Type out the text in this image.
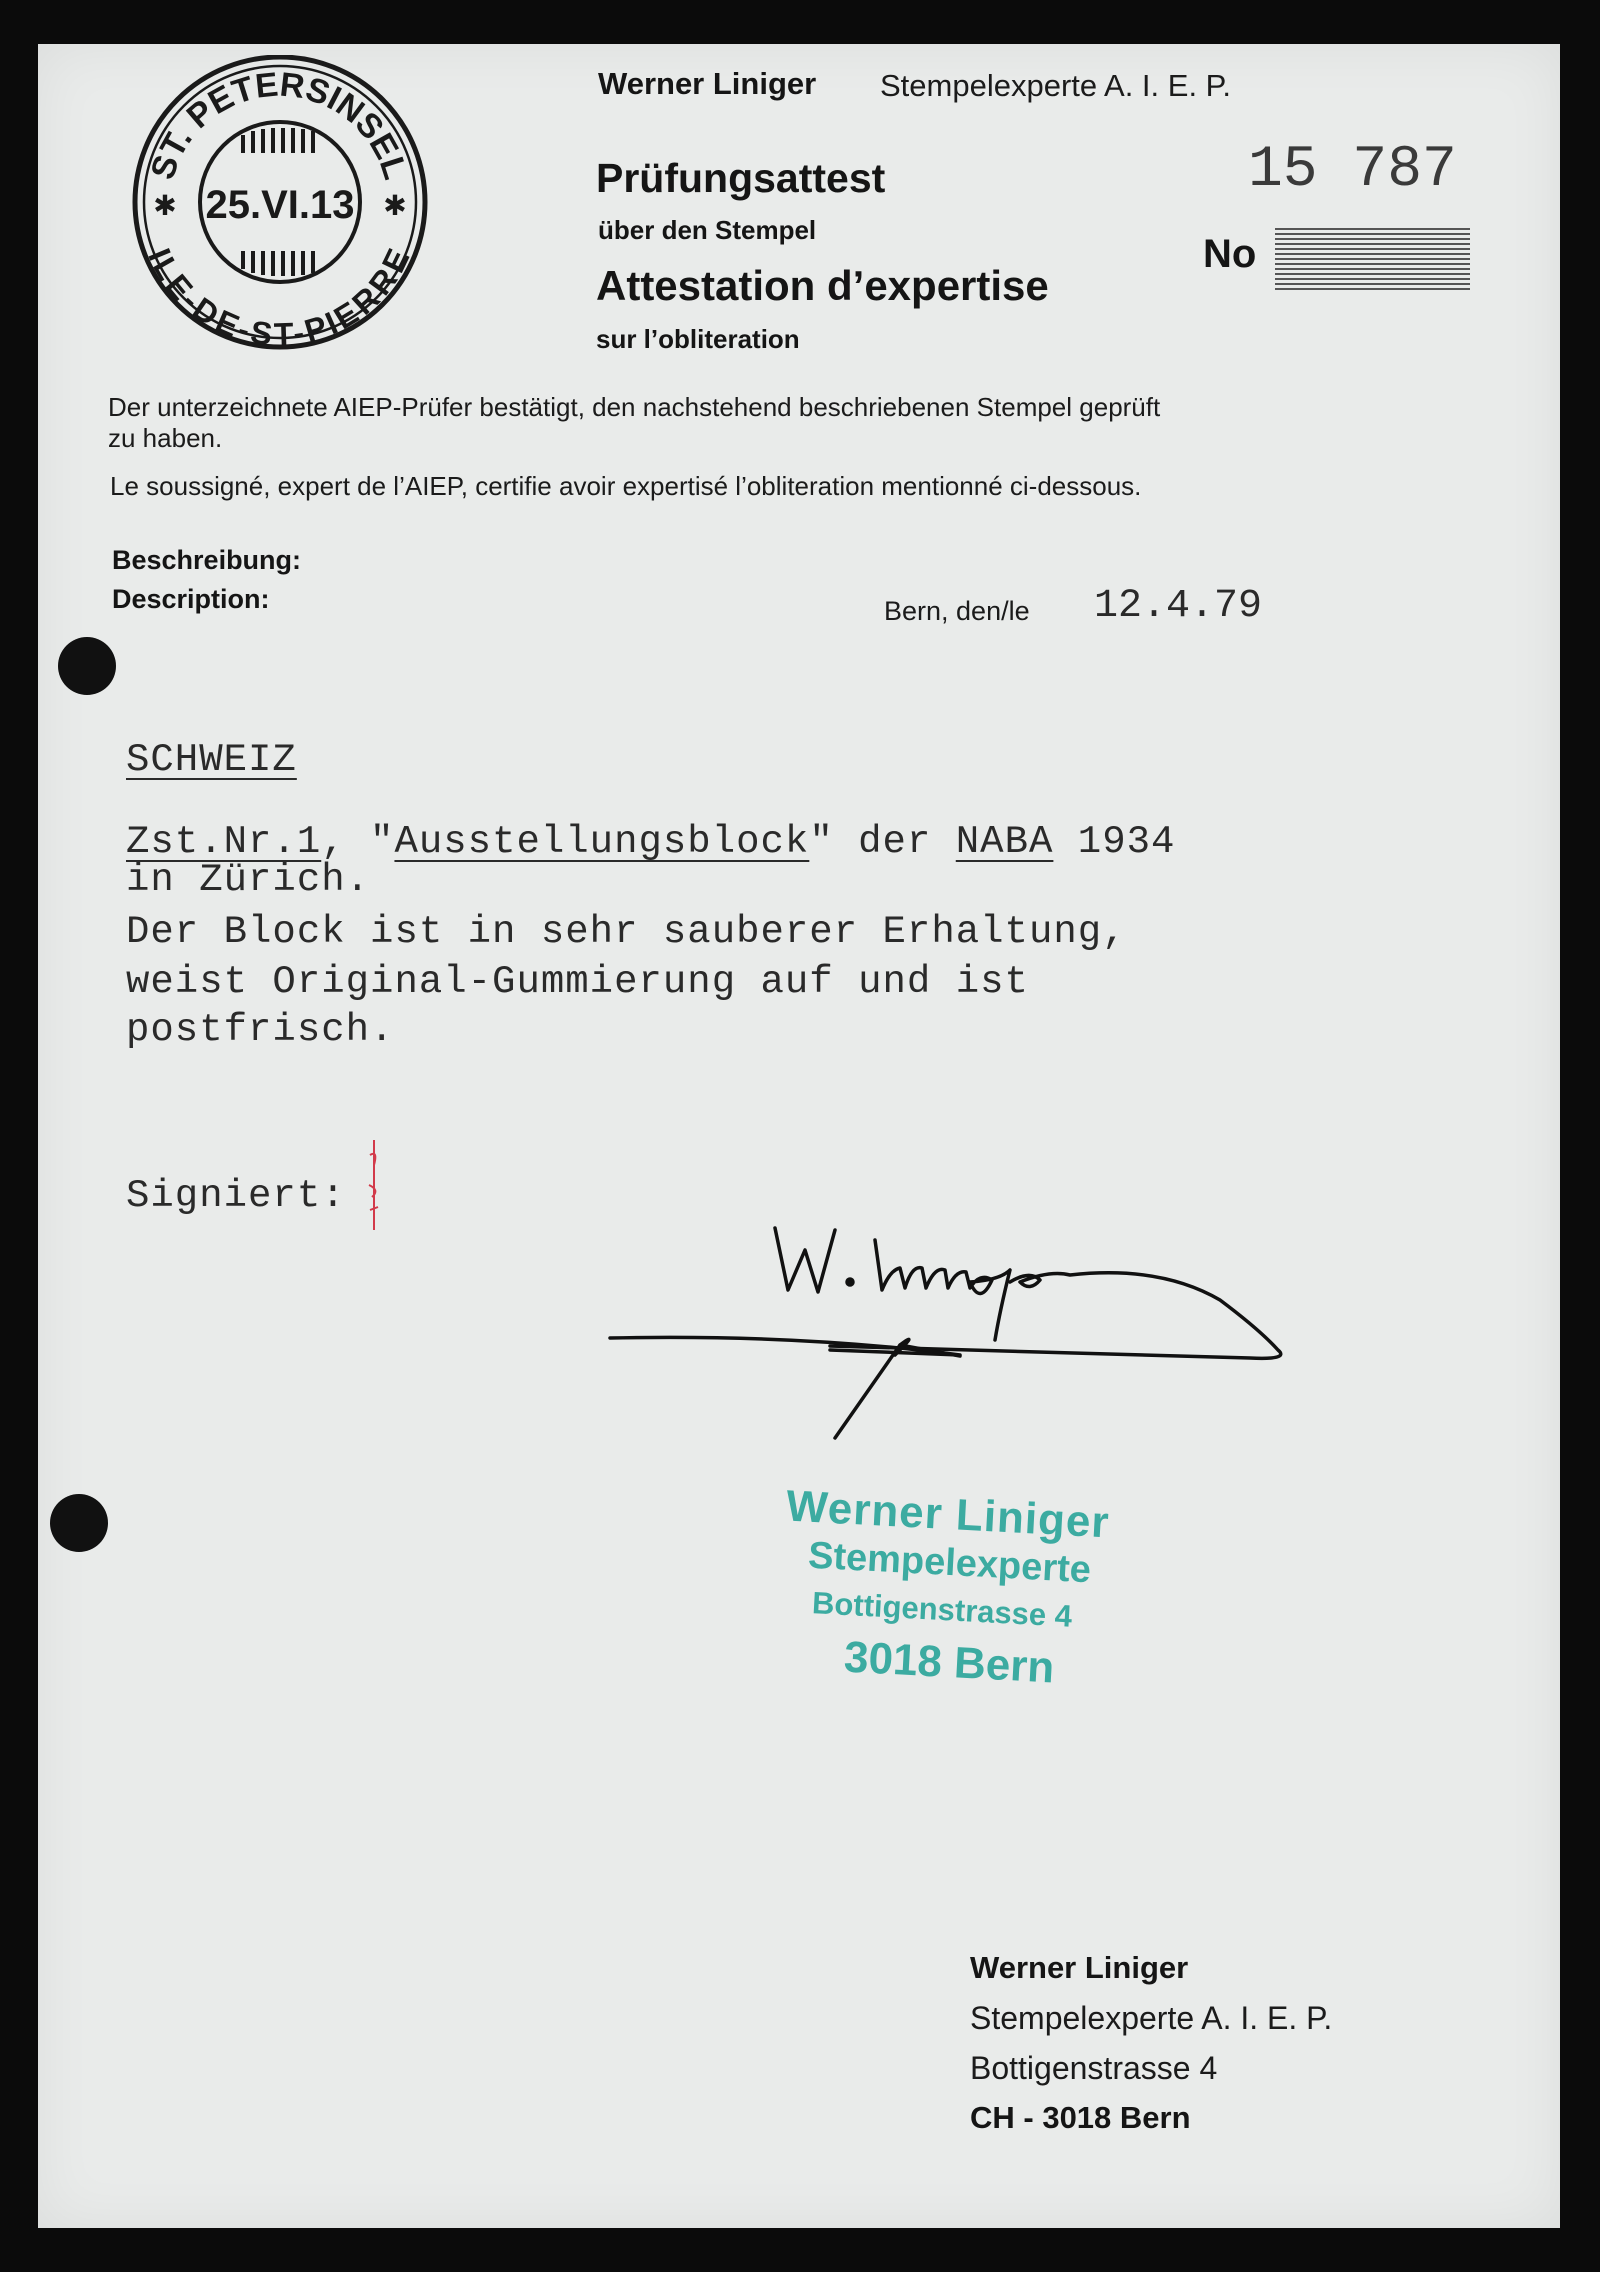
ST. PETERSINSEL
ILE-DE-ST-PIERRE
25.VI.13
✱	✱
Werner Liniger Stempelexperte A. I. E. P.
Prüfungsattest
über den Stempel
Attestation d’expertise
sur l’obliteration
15 787
No
Der unterzeichnete AIEP-Prüfer bestätigt, den nachstehend beschriebenen Stempel geprüft
zu haben.
Le soussigné, expert de l’AIEP, certifie avoir expertisé l’obliteration mentionné ci-dessous.
Beschreibung:
Description:	Bern, den/le 12.4.79
SCHWEIZ
Zst.Nr.1, "Ausstellungsblock" der NABA 1934
in Zürich.
Der Block ist in sehr sauberer Erhaltung,
weist Original-Gummierung auf und ist
postfrisch.
Signiert:
Werner Liniger
Stempelexperte
Bottigenstrasse 4
3018 Bern
Werner Liniger
Stempelexperte A. I. E. P.
Bottigenstrasse 4
CH - 3018 Bern
